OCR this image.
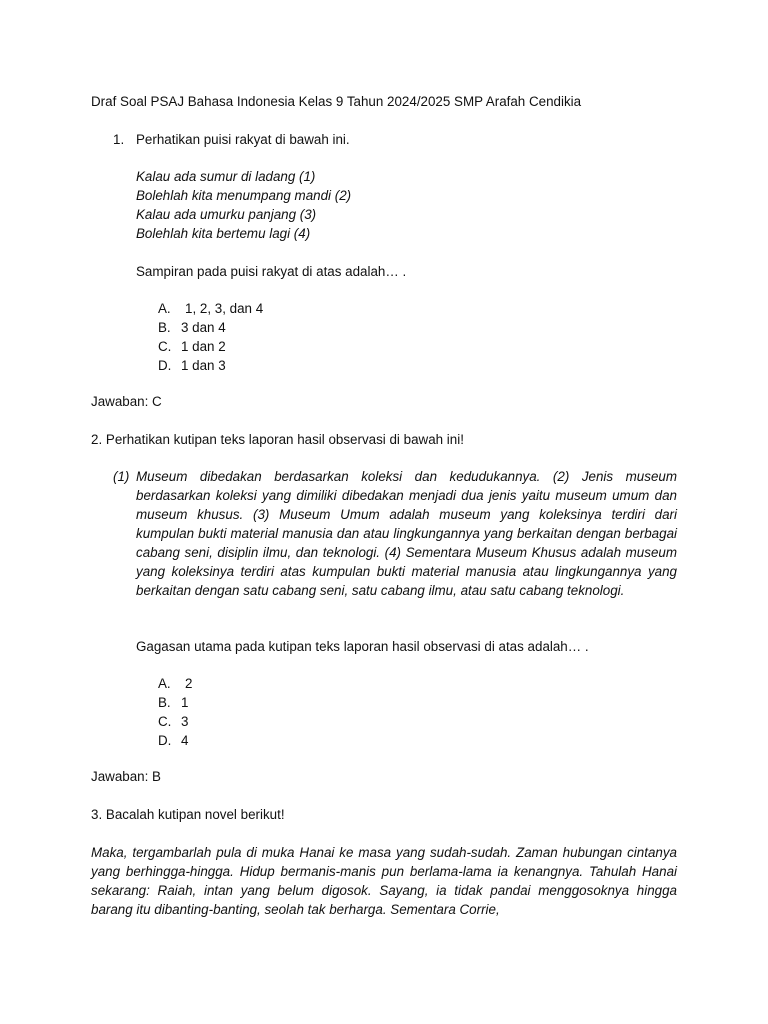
Draf Soal PSAJ Bahasa Indonesia Kelas 9 Tahun 2024/2025 SMP Arafah Cendikia

1. Perhatikan puisi rakyat di bawah ini.
Kalau ada sumur di ladang (1)
Bolehlah kita menumpang mandi (2)
Kalau ada umurku panjang (3)
Bolehlah kita bertemu lagi (4)

Sampiran pada puisi rakyat di atas adalah… .

A. 1, 2, 3, dan 4
B. 3 dan 4
C. 1 dan 2
D. 1 dan 3

Jawaban: C

2. Perhatikan kutipan teks laporan hasil observasi di bawah ini!

(1) Museum dibedakan berdasarkan koleksi dan kedudukannya. (2) Jenis museum berdasarkan koleksi yang dimiliki dibedakan menjadi dua jenis yaitu museum umum dan museum khusus. (3) Museum Umum adalah museum yang koleksinya terdiri dari kumpulan bukti material manusia dan atau lingkungannya yang berkaitan dengan berbagai cabang seni, disiplin ilmu, dan teknologi. (4) Sementara Museum Khusus adalah museum yang koleksinya terdiri atas kumpulan bukti material manusia atau lingkungannya yang berkaitan dengan satu cabang seni, satu cabang ilmu, atau satu cabang teknologi.

Gagasan utama pada kutipan teks laporan hasil observasi di atas adalah… .

A. 2
B. 1
C. 3
D. 4

Jawaban: B

3. Bacalah kutipan novel berikut!

Maka, tergambarlah pula di muka Hanai ke masa yang sudah-sudah. Zaman hubungan cintanya yang berhingga-hingga. Hidup bermanis-manis pun berlama-lama ia kenangnya. Tahulah Hanai sekarang: Raiah, intan yang belum digosok. Sayang, ia tidak pandai menggosoknya hingga barang itu dibanting-banting, seolah tak berharga. Sementara Corrie,
